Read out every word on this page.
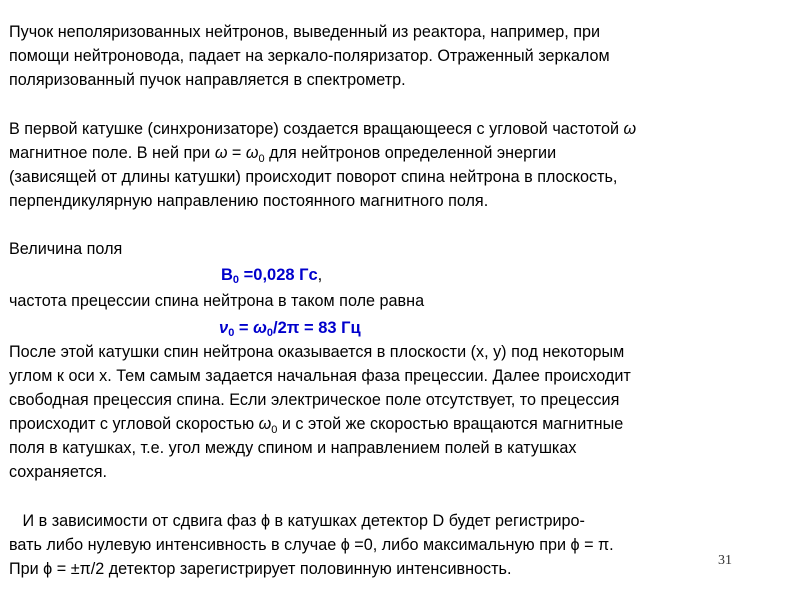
Пучок неполяризованных нейтронов, выведенный из реактора, например, при
помощи нейтроновода, падает на зеркало-поляризатор. Отраженный зеркалом
поляризованный пучок направляется в спектрометр.
В первой катушке (синхронизаторе) создается вращающееся с угловой частотой ω
магнитное поле. В ней при $\omega = \omega_0$ для нейтронов определенной энергии
(зависящей от длины катушки) происходит поворот спина нейтрона в плоскость,
перпендикулярную направлению постоянного магнитного поля.
Величина поля
$B_0 =0,028$ Гс,
частота прецессии спина нейтрона в таком поле равна
$\nu_0 = \omega_0/2\pi = 83$ Гц
После этой катушки спин нейтрона оказывается в плоскости (x, y) под некоторым
углом к оси x. Тем самым задается начальная фаза прецессии. Далее происходит
свободная прецессия спина. Если электрическое поле отсутствует, то прецессия
происходит с угловой скоростью $\omega_0$ и с этой же скоростью вращаются магнитные
поля в катушках, т.е. угол между спином и направлением полей в катушках
сохраняется.
И в зависимости от сдвига фаз ϕ в катушках детектор D будет регистриро-
вать либо нулевую интенсивность в случае ϕ =0, либо максимальную при ϕ = π.
При ϕ = ±π/2 детектор зарегистрирует половинную интенсивность.	31
